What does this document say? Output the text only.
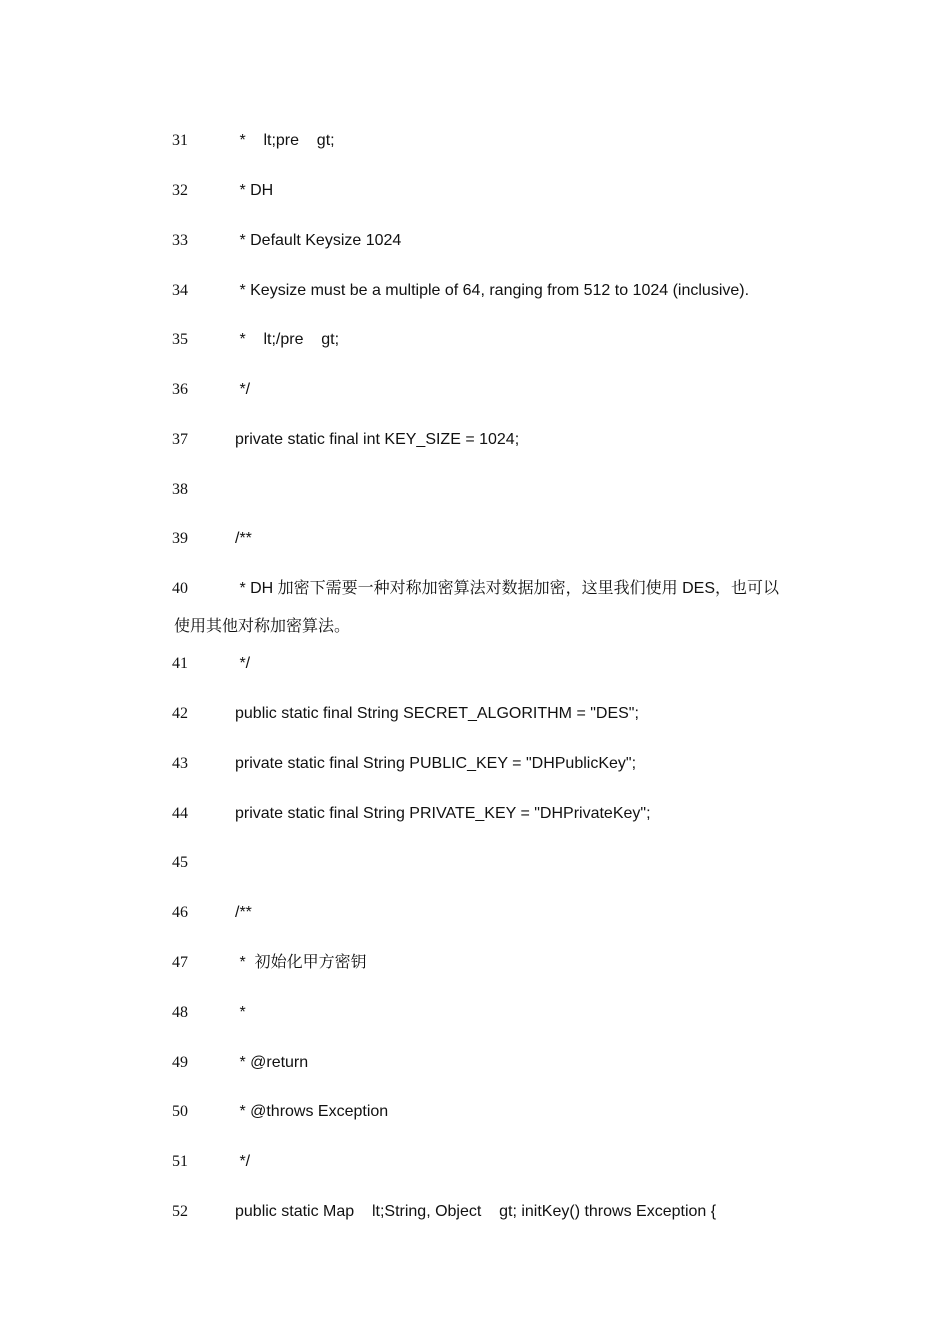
31

	*    lt;pre    gt;

32

	* DH

33

	* Default Keysize 1024

34

	* Keysize must be a multiple of 64, ranging from 512 to 1024 (inclusive).

35

	*    lt;/pre    gt;

36

	*/

37

	private static final int KEY_SIZE = 1024;

38

39

	/**

40

	* DH 加密下需要一种对称加密算法对数据加密，这里我们使用 DES，也可以

使用其他对称加密算法。

41

	*/

42

	public static final String SECRET_ALGORITHM = "DES";

43

	private static final String PUBLIC_KEY = "DHPublicKey";

44

	private static final String PRIVATE_KEY = "DHPrivateKey";

45

46

	/**

47

	*  初始化甲方密钥

48

	*

49

	* @return

50

	* @throws Exception

51

	*/

52

	public static Map    lt;String, Object    gt; initKey() throws Exception {
